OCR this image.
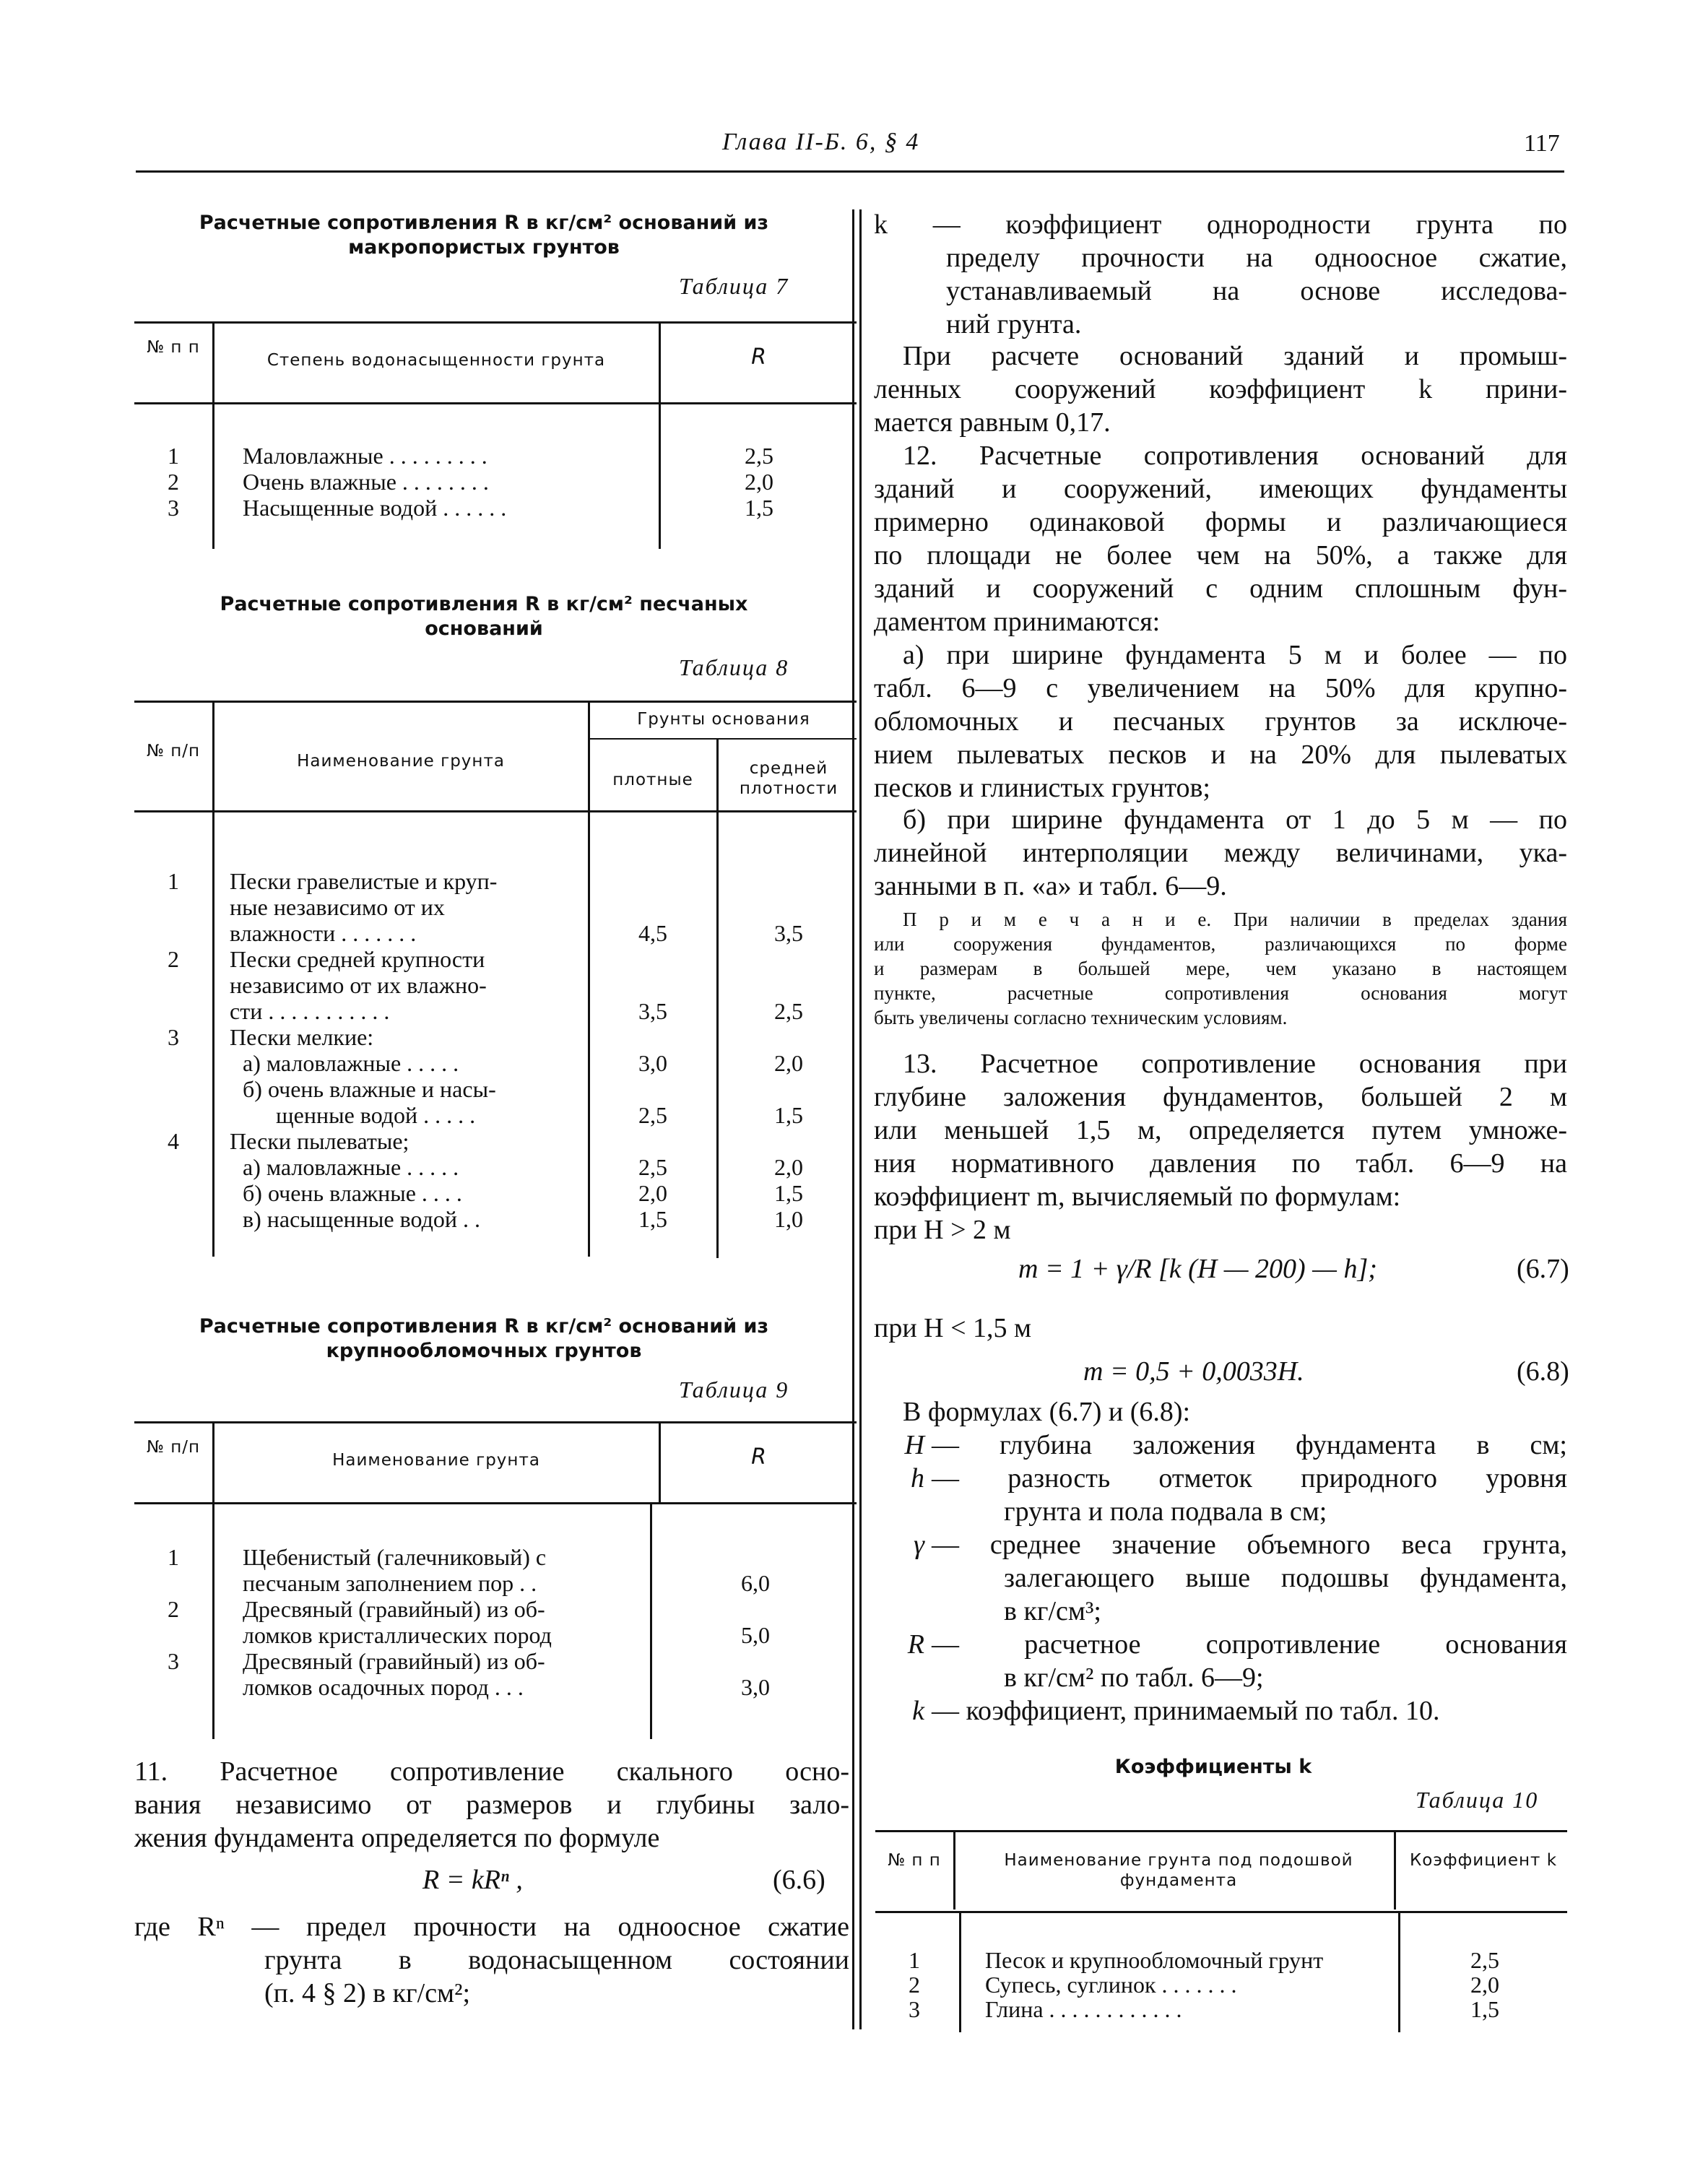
Глава II-Б. 6, § 4	117
Расчетные сопротивления R в кг/см² оснований из
макропористых грунтов
Таблица 7
№ п п
Степень водонасыщенности грунта	R
1	Маловлажные . . . . . . . . .	2,5
2	Очень влажные . . . . . . . .	2,0
3	Насыщенные водой . . . . . .	1,5
Расчетные сопротивления R в кг/см² песчаных
оснований
Таблица 8
№ п/п
Наименование грунта
Грунты основания
плотные
средней плотности
1	Пески гравелистые и круп-
ные независимо от их
влажности . . . . . . .	4,5	3,5
2	Пески средней крупности
независимо от их влажно-
сти . . . . . . . . . . .	3,5	2,5
3	Пески мелкие:
а) маловлажные . . . . .	3,0	2,0
б) очень влажные и насы-
щенные водой . . . . .	2,5	1,5
4	Пески пылеватые;
а) маловлажные . . . . .	2,5	2,0
б) очень влажные . . . .	2,0	1,5
в) насыщенные водой . .	1,5	1,0
Расчетные сопротивления R в кг/см² оснований из
крупнообломочных грунтов
Таблица 9
№ п/п
Наименование грунта	R
1	Щебенистый (галечниковый) с
песчаным заполнением пор . .	6,0
2	Дресвяный (гравийный) из об-
ломков кристаллических пород	5,0
3	Дресвяный (гравийный) из об-
ломков осадочных пород . . .	3,0
11. Расчетное сопротивление скального осно-
вания независимо от размеров и глубины зало-
жения фундамента определяется по формуле
R = kRⁿ ,	(6.6)
где Rⁿ — предел прочности на одноосное сжатие
грунта в водонасыщенном состоянии
(п. 4 § 2) в кг/см²;
k — коэффициент однородности грунта по
пределу прочности на одноосное сжатие,
устанавливаемый на основе исследова-
ний грунта.
При расчете оснований зданий и промыш-
ленных сооружений коэффициент k прини-
мается равным 0,17.
12. Расчетные сопротивления оснований для
зданий и сооружений, имеющих фундаменты
примерно одинаковой формы и различающиеся
по площади не более чем на 50%, а также для
зданий и сооружений с одним сплошным фун-
даментом принимаются:
а) при ширине фундамента 5 м и более — по
табл. 6—9 с увеличением на 50% для крупно-
обломочных и песчаных грунтов за исключе-
нием пылеватых песков и на 20% для пылеватых
песков и глинистых грунтов;
б) при ширине фундамента от 1 до 5 м — по
линейной интерполяции между величинами, ука-
занными в п. «а» и табл. 6—9.
П р и м е ч а н и е. При наличии в пределах здания
или сооружения фундаментов, различающихся по форме
и размерам в большей мере, чем указано в настоящем
пункте, расчетные сопротивления основания могут
быть увеличены согласно техническим условиям.
13. Расчетное сопротивление основания при
глубине заложения фундаментов, большей 2 м
или меньшей 1,5 м, определяется путем умноже-
ния нормативного давления по табл. 6—9 на
коэффициент m, вычисляемый по формулам:
при H > 2 м
m = 1 + γ/R [k (H — 200) — h];	(6.7)
при H < 1,5 м
m = 0,5 + 0,0033H.	(6.8)
В формулах (6.7) и (6.8):
H — глубина заложения фундамента в см;
h — разность отметок природного уровня
грунта и пола подвала в см;
γ — среднее значение объемного веса грунта,
залегающего выше подошвы фундамента,
в кг/см³;
R — расчетное сопротивление основания
в кг/см² по табл. 6—9;
k — коэффициент, принимаемый по табл. 10.
Коэффициенты k
Таблица 10
№ п п	Наименование грунта под подошвой фундамента
Коэффициент k
1	Песок и крупнообломочный грунт	2,5
2	Супесь, суглинок . . . . . . .	2,0
3	Глина . . . . . . . . . . . .	1,5
